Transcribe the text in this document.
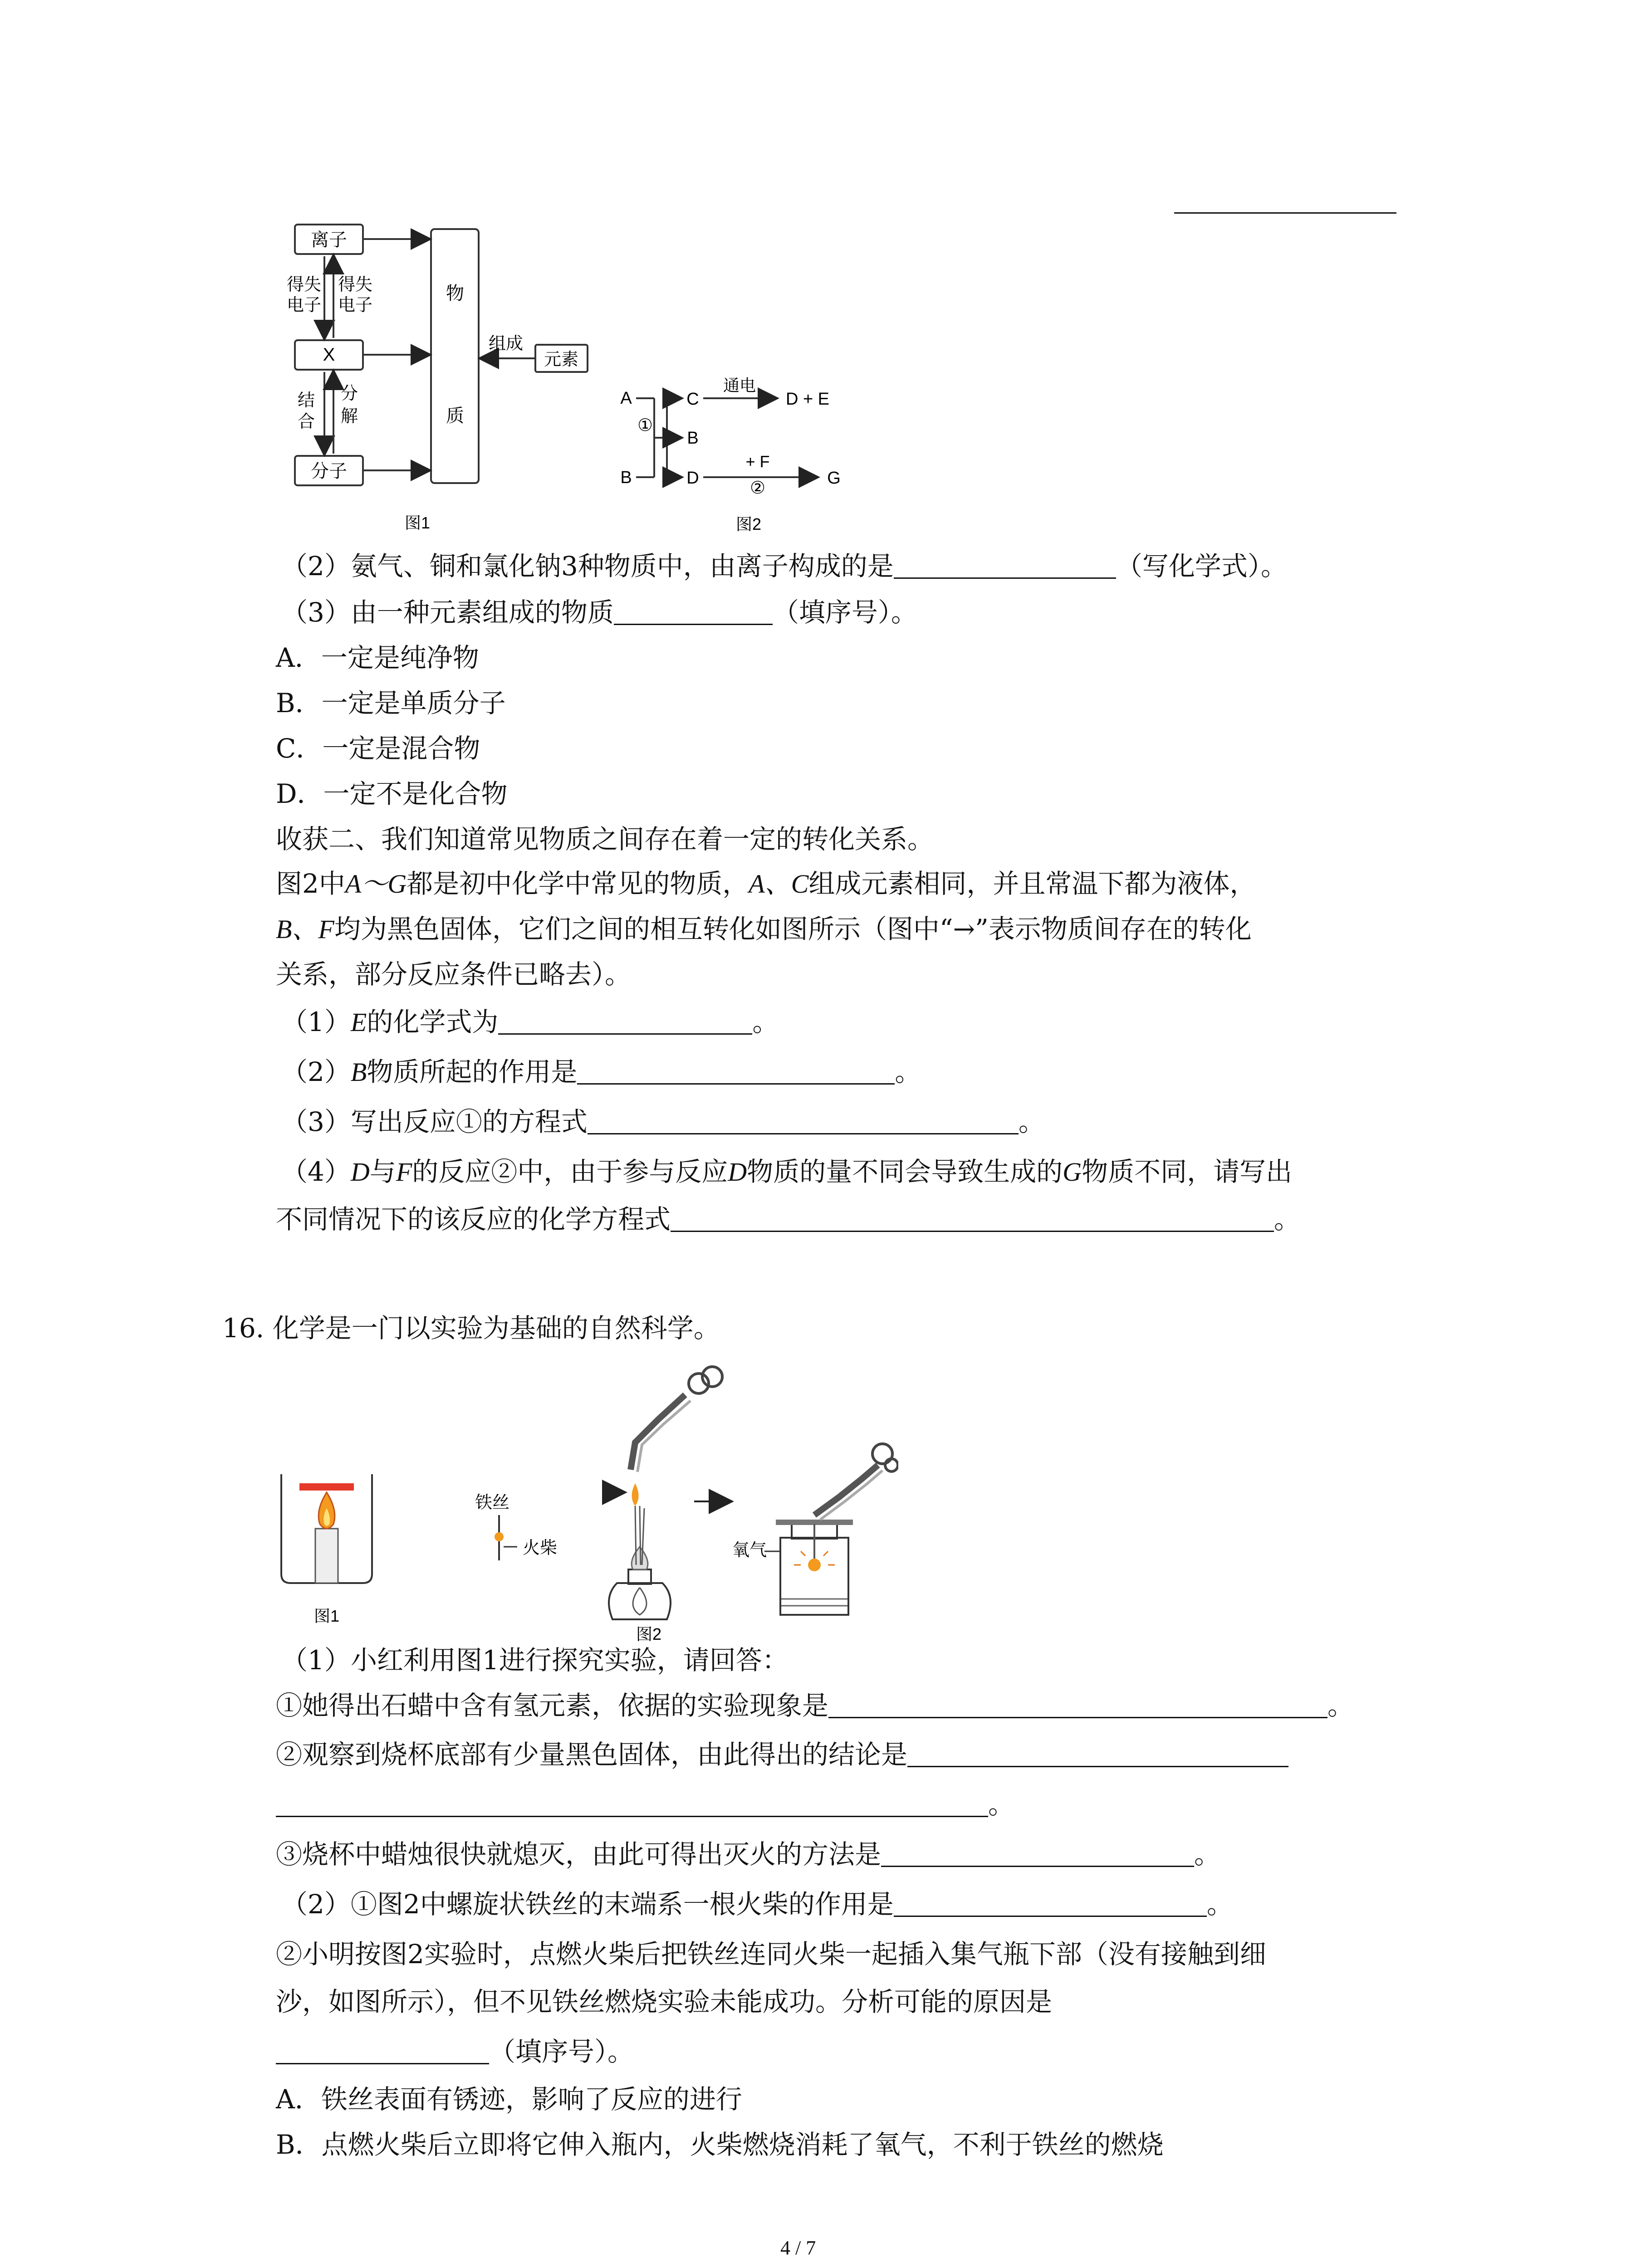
离子
得失
电子
得失
电子
X
结
合
分
解
分子
物
质
组成
元素
图1
A
B
①
C
B
D
通电
D + E
+ F
②
G
图2
（2）氨气、铜和氯化钠3种物质中，由离子构成的是	（写化学式）。
（3）由一种元素组成的物质	（填序号）。
A．一定是纯净物
B．一定是单质分子
C．一定是混合物
D．一定不是化合物
收获二、我们知道常见物质之间存在着一定的转化关系。
图2中A～G都是初中化学中常见的物质，A、C组成元素相同，并且常温下都为液体，
B、F均为黑色固体，它们之间的相互转化如图所示（图中“→”表示物质间存在的转化
关系，部分反应条件已略去）。
（1）E的化学式为	。
（2）B物质所起的作用是	。
（3）写出反应①的方程式	。
（4）D与F的反应②中，由于参与反应D物质的量不同会导致生成的G物质不同，请写出
不同情况下的该反应的化学方程式	。
16. 化学是一门以实验为基础的自然科学。
图1
铁丝
火柴	氧气
图2
（1）小红利用图1进行探究实验，请回答：
①她得出石蜡中含有氢元素，依据的实验现象是	。
②观察到烧杯底部有少量黑色固体，由此得出的结论是
。
③烧杯中蜡烛很快就熄灭，由此可得出灭火的方法是	。
（2）①图2中螺旋状铁丝的末端系一根火柴的作用是	。
②小明按图2实验时，点燃火柴后把铁丝连同火柴一起插入集气瓶下部（没有接触到细
沙，如图所示），但不见铁丝燃烧实验未能成功。分析可能的原因是
（填序号）。
A．铁丝表面有锈迹，影响了反应的进行
B．点燃火柴后立即将它伸入瓶内，火柴燃烧消耗了氧气，不利于铁丝的燃烧
4 / 7
